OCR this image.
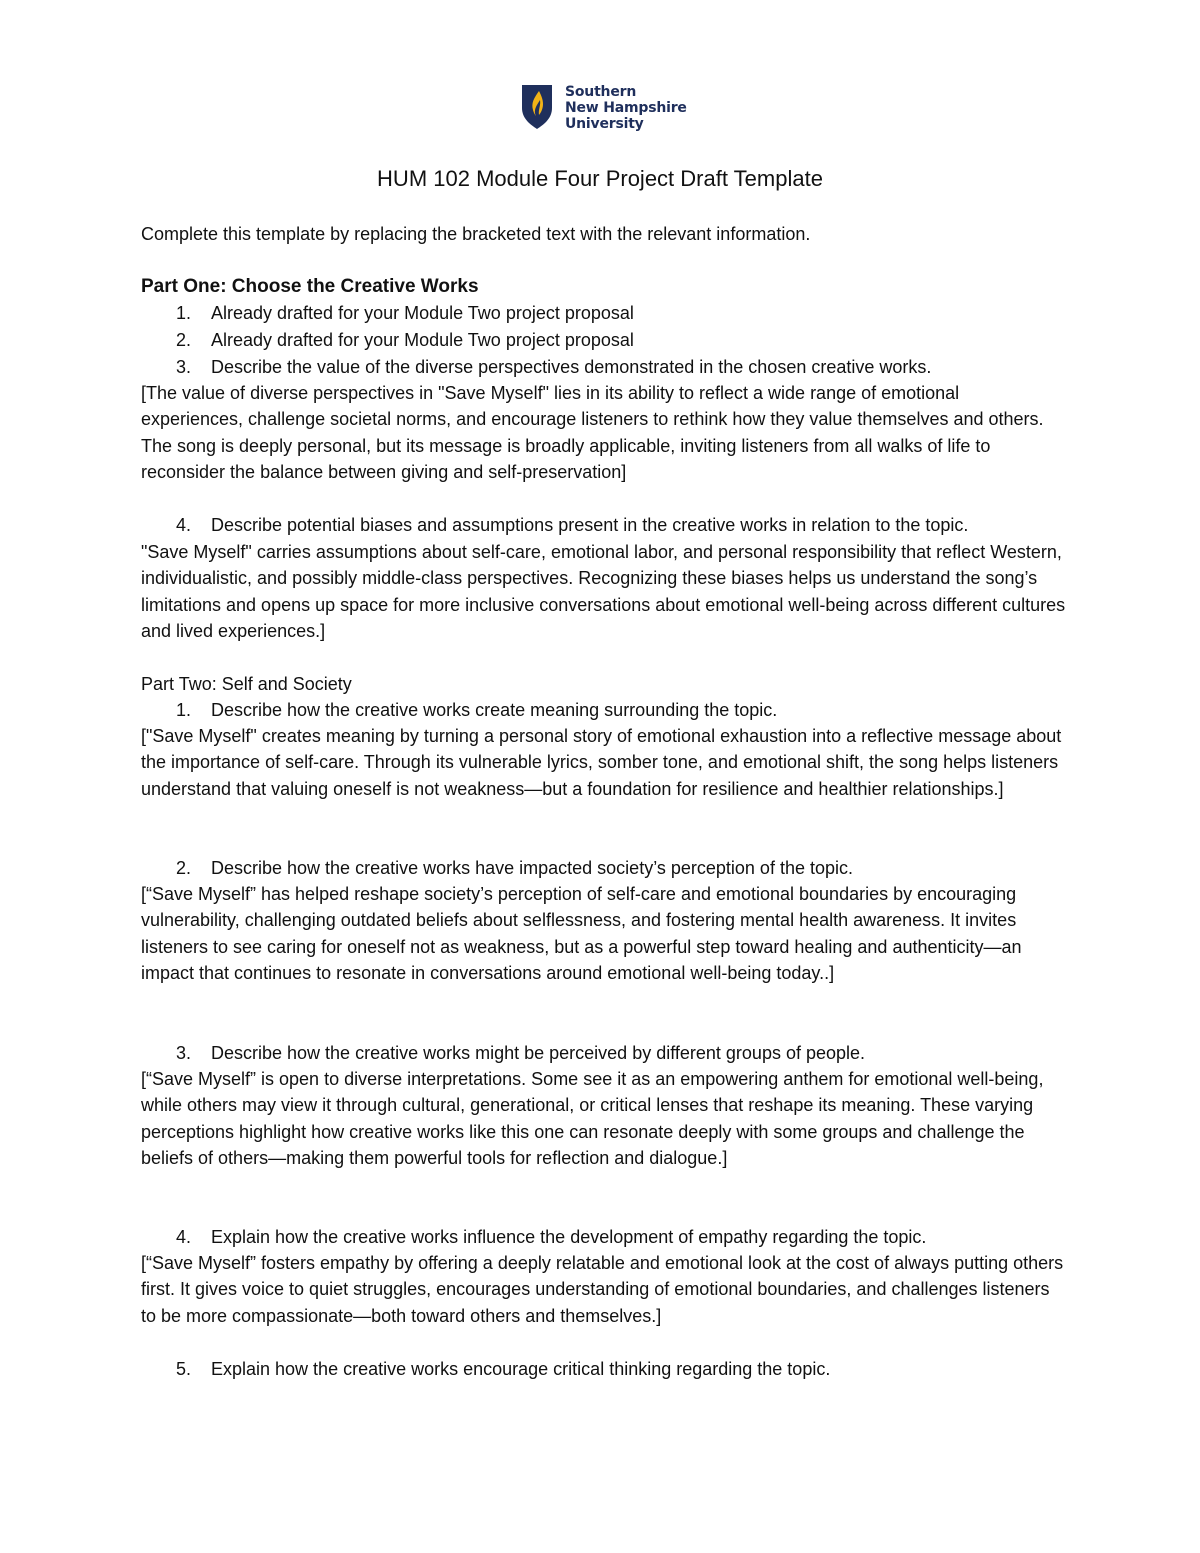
Southern
New Hampshire
University
HUM 102 Module Four Project Draft Template

Complete this template by replacing the bracketed text with the relevant information.

Part One: Choose the Creative Works

1. Already drafted for your Module Two project proposal

2. Already drafted for your Module Two project proposal

3. Describe the value of the diverse perspectives demonstrated in the chosen creative works.

[The value of diverse perspectives in "Save Myself" lies in its ability to reflect a wide range of emotional experiences, challenge societal norms, and encourage listeners to rethink how they value themselves and others. The song is deeply personal, but its message is broadly applicable, inviting listeners from all walks of life to reconsider the balance between giving and self-preservation]

4. Describe potential biases and assumptions present in the creative works in relation to the topic.

"Save Myself" carries assumptions about self-care, emotional labor, and personal responsibility that reflect Western, individualistic, and possibly middle-class perspectives. Recognizing these biases helps us understand the song’s limitations and opens up space for more inclusive conversations about emotional well-being across different cultures and lived experiences.]

Part Two: Self and Society

1. Describe how the creative works create meaning surrounding the topic.

["Save Myself" creates meaning by turning a personal story of emotional exhaustion into a reflective message about the importance of self-care. Through its vulnerable lyrics, somber tone, and emotional shift, the song helps listeners understand that valuing oneself is not weakness—but a foundation for resilience and healthier relationships.]

2. Describe how the creative works have impacted society’s perception of the topic.

[“Save Myself” has helped reshape society’s perception of self-care and emotional boundaries by encouraging vulnerability, challenging outdated beliefs about selflessness, and fostering mental health awareness. It invites listeners to see caring for oneself not as weakness, but as a powerful step toward healing and authenticity—an impact that continues to resonate in conversations around emotional well-being today..]

3. Describe how the creative works might be perceived by different groups of people.

[“Save Myself” is open to diverse interpretations. Some see it as an empowering anthem for emotional well-being, while others may view it through cultural, generational, or critical lenses that reshape its meaning. These varying perceptions highlight how creative works like this one can resonate deeply with some groups and challenge the beliefs of others—making them powerful tools for reflection and dialogue.]

4. Explain how the creative works influence the development of empathy regarding the topic.

[“Save Myself” fosters empathy by offering a deeply relatable and emotional look at the cost of always putting others first. It gives voice to quiet struggles, encourages understanding of emotional boundaries, and challenges listeners to be more compassionate—both toward others and themselves.]

5. Explain how the creative works encourage critical thinking regarding the topic.
